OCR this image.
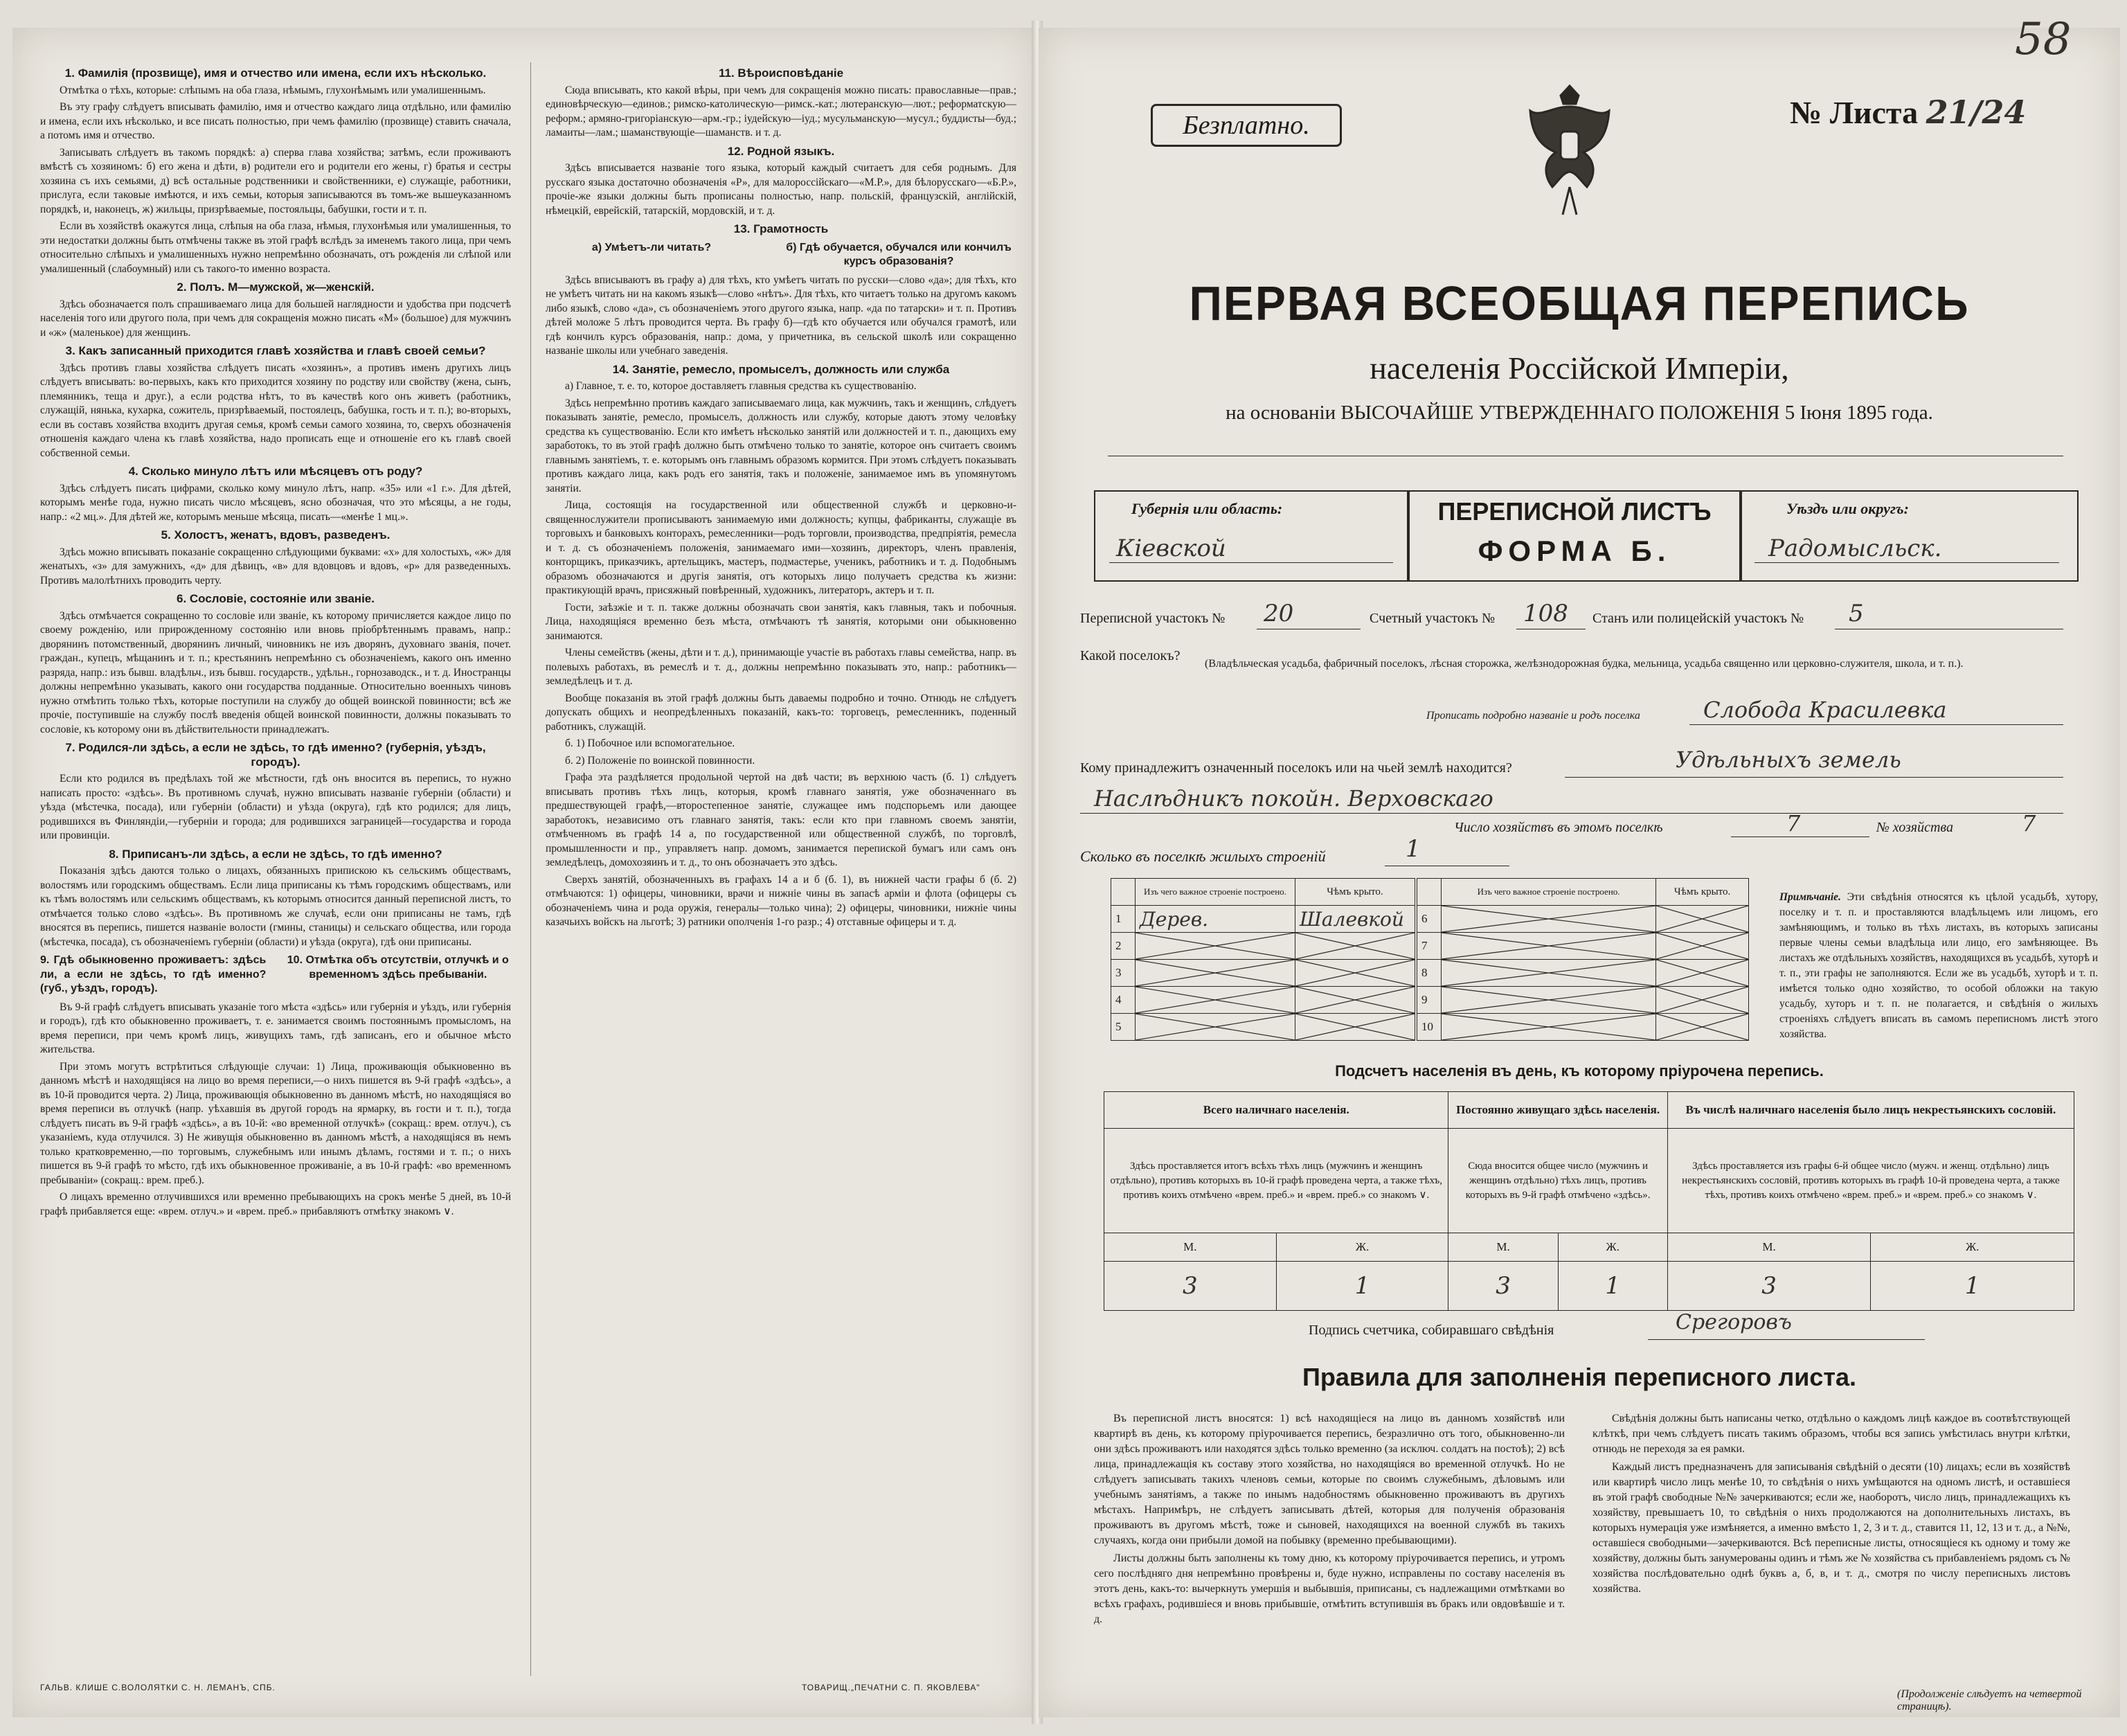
1. Фамилія (прозвище), имя и отчество или имена, если ихъ нѣсколько.

Отмѣтка о тѣхъ, которые: слѣпымъ на оба глаза, нѣмымъ, глухонѣмымъ или умалишеннымъ.

Въ эту графу слѣдуетъ вписывать фамилію, имя и отчество каждаго лица отдѣльно, или фамилію и имена, если ихъ нѣсколько, и все писать полностью, при чемъ фамилію (прозвище) ставить сначала, а потомъ имя и отчество.

Записывать слѣдуетъ въ такомъ порядкѣ: а) сперва глава хозяйства; затѣмъ, если проживаютъ вмѣстѣ съ хозяиномъ: б) его жена и дѣти, в) родители его и родители его жены, г) братья и сестры хозяина съ ихъ семьями, д) всѣ остальные родственники и свойственники, е) служащіе, работники, прислуга, если таковые имѣются, и ихъ семьи, которыя записываются въ томъ-же вышеуказанномъ порядкѣ, и, наконецъ, ж) жильцы, призрѣваемые, постояльцы, бабушки, гости и т. п.

Если въ хозяйствѣ окажутся лица, слѣпыя на оба глаза, нѣмыя, глухонѣмыя или умалишенныя, то эти недостатки должны быть отмѣчены также въ этой графѣ вслѣдъ за именемъ такого лица, при чемъ относительно слѣпыхъ и умалишенныхъ нужно непремѣнно обозначать, отъ рожденія ли слѣпой или умалишенный (слабоумный) или съ такого-то именно возраста.

2. Полъ. М—мужской, ж—женскій.

Здѣсь обозначается полъ спрашиваемаго лица для большей наглядности и удобства при подсчетѣ населенія того или другого пола, при чемъ для сокращенія можно писать «М» (большое) для мужчинъ и «ж» (маленькое) для женщинъ.

3. Какъ записанный приходится главѣ хозяйства и главѣ своей семьи?

Здѣсь противъ главы хозяйства слѣдуетъ писать «хозяинъ», а противъ именъ другихъ лицъ слѣдуетъ вписывать: во-первыхъ, какъ кто приходится хозяину по родству или свойству (жена, сынъ, племянникъ, теща и друг.), а если родства нѣтъ, то въ качествѣ кого онъ живетъ (работникъ, служащій, нянька, кухарка, сожитель, призрѣваемый, постоялецъ, бабушка, гость и т. п.); во-вторыхъ, если въ составъ хозяйства входитъ другая семья, кромѣ семьи самого хозяина, то, сверхъ обозначенія отношенія каждаго члена къ главѣ хозяйства, надо прописать еще и отношеніе его къ главѣ своей собственной семьи.

4. Сколько минуло лѣтъ или мѣсяцевъ отъ роду?

Здѣсь слѣдуетъ писать цифрами, сколько кому минуло лѣтъ, напр. «35» или «1 г.». Для дѣтей, которымъ менѣе года, нужно писать число мѣсяцевъ, ясно обозначая, что это мѣсяцы, а не годы, напр.: «2 мц.». Для дѣтей же, которымъ меньше мѣсяца, писать—«менѣе 1 мц.».

5. Холостъ, женатъ, вдовъ, разведенъ.

Здѣсь можно вписывать показаніе сокращенно слѣдующими буквами: «х» для холостыхъ, «ж» для женатыхъ, «з» для замужнихъ, «д» для дѣвицъ, «в» для вдовцовъ и вдовъ, «р» для разведенныхъ. Противъ малолѣтнихъ проводить черту.

6. Сословіе, состояніе или званіе.

Здѣсь отмѣчается сокращенно то сословіе или званіе, къ которому причисляется каждое лицо по своему рожденію, или прирожденному состоянію или вновь пріобрѣтеннымъ правамъ, напр.: дворянинъ потомственный, дворянинъ личный, чиновникъ не изъ дворянъ, духовнаго званія, почет. граждан., купецъ, мѣщанинъ и т. п.; крестьянинъ непремѣнно съ обозначеніемъ, какого онъ именно разряда, напр.: изъ бывш. владѣльч., изъ бывш. государств., удѣльн., горнозаводск., и т. д. Иностранцы должны непремѣнно указывать, какого они государства подданные. Относительно военныхъ чиновъ нужно отмѣтить только тѣхъ, которые поступили на службу до общей воинской повинности; всѣ же прочіе, поступившіе на службу послѣ введенія общей воинской повинности, должны показывать то сословіе, къ которому они въ дѣйствительности принадлежатъ.

7. Родился-ли здѣсь, а если не здѣсь, то гдѣ именно? (губернія, уѣздъ, городъ).

Если кто родился въ предѣлахъ той же мѣстности, гдѣ онъ вносится въ перепись, то нужно написать просто: «здѣсь». Въ противномъ случаѣ, нужно вписывать названіе губерніи (области) и уѣзда (мѣстечка, посада), или губерніи (области) и уѣзда (округа), гдѣ кто родился; для лицъ, родившихся въ Финляндіи,—губерніи и города; для родившихся заграницей—государства и города или провинціи.

8. Приписанъ-ли здѣсь, а если не здѣсь, то гдѣ именно?

Показанія здѣсь даются только о лицахъ, обязанныхъ припискою къ сельскимъ обществамъ, волостямъ или городскимъ обществамъ. Если лица приписаны къ тѣмъ городскимъ обществамъ, или къ тѣмъ волостямъ или сельскимъ обществамъ, къ которымъ относится данный переписной листъ, то отмѣчается только слово «здѣсь». Въ противномъ же случаѣ, если они приписаны не тамъ, гдѣ вносятся въ перепись, пишется названіе волости (гмины, станицы) и сельскаго общества, или города (мѣстечка, посада), съ обозначеніемъ губерніи (области) и уѣзда (округа), гдѣ они приписаны.

9. Гдѣ обыкновенно проживаетъ: здѣсь ли, а если не здѣсь, то гдѣ именно? (губ., уѣздъ, городъ).
10. Отмѣтка объ отсутствіи, отлучкѣ и о временномъ здѣсь пребываніи.

Въ 9-й графѣ слѣдуетъ вписывать указаніе того мѣста «здѣсь» или губернія и уѣздъ, или губернія и городъ), гдѣ кто обыкновенно проживаетъ, т. е. занимается своимъ постояннымъ промысломъ, на время переписи, при чемъ кромѣ лицъ, живущихъ тамъ, гдѣ записанъ, его и обычное мѣсто жительства.

При этомъ могутъ встрѣтиться слѣдующіе случаи: 1) Лица, проживающія обыкновенно въ данномъ мѣстѣ и находящіяся на лицо во время переписи,—о нихъ пишется въ 9-й графѣ «здѣсь», а въ 10-й проводится черта. 2) Лица, проживающія обыкновенно въ данномъ мѣстѣ, но находящіяся во время переписи въ отлучкѣ (напр. уѣхавшія въ другой городъ на ярмарку, въ гости и т. п.), тогда слѣдуетъ писать въ 9-й графѣ «здѣсь», а въ 10-й: «во временной отлучкѣ» (сокращ.: врем. отлуч.), съ указаніемъ, куда отлучился. 3) Не живущія обыкновенно въ данномъ мѣстѣ, а находящіяся въ немъ только кратковременно,—по торговымъ, служебнымъ или инымъ дѣламъ, гостями и т. п.; о нихъ пишется въ 9-й графѣ то мѣсто, гдѣ ихъ обыкновенное проживаніе, а въ 10-й графѣ: «во временномъ пребываніи» (сокращ.: врем. преб.).

О лицахъ временно отлучившихся или временно пребывающихъ на срокъ менѣе 5 дней, въ 10-й графѣ прибавляется еще: «врем. отлуч.» и «врем. преб.» прибавляютъ отмѣтку знакомъ ∨.

11. Вѣроисповѣданіе

Сюда вписывать, кто какой вѣры, при чемъ для сокращенія можно писать: православные—прав.; единовѣрческую—единов.; римско-католическую—римск.-кат.; лютеранскую—лют.; реформатскую—реформ.; армяно-григоріанскую—арм.-гр.; іудейскую—іуд.; мусульманскую—мусул.; буддисты—буд.; ламаиты—лам.; шаманствующіе—шаманств. и т. д.

12. Родной языкъ.

Здѣсь вписывается названіе того языка, который каждый считаетъ для себя роднымъ. Для русскаго языка достаточно обозначенія «Р», для малороссійскаго—«М.Р.», для бѣлорусскаго—«Б.Р.», прочіе-же языки должны быть прописаны полностью, напр. польскій, французскій, англійскій, нѣмецкій, еврейскій, татарскій, мордовскій, и т. д.

13. Грамотность
а) Умѣетъ-ли читать?	б) Гдѣ обучается, обучался или кончилъ курсъ образованія?

Здѣсь вписываютъ въ графу а) для тѣхъ, кто умѣетъ читать по русски—слово «да»; для тѣхъ, кто не умѣетъ читать ни на какомъ языкѣ—слово «нѣтъ». Для тѣхъ, кто читаетъ только на другомъ какомъ либо языкѣ, слово «да», съ обозначеніемъ этого другого языка, напр. «да по татарски» и т. п. Противъ дѣтей моложе 5 лѣтъ проводится черта. Въ графу б)—гдѣ кто обучается или обучался грамотѣ, или гдѣ кончилъ курсъ образованія, напр.: дома, у причетника, въ сельской школѣ или сокращенно названіе школы или учебнаго заведенія.

14. Занятіе, ремесло, промыселъ, должность или служба

а) Главное, т. е. то, которое доставляетъ главныя средства къ существованію.

Здѣсь непремѣнно противъ каждаго записываемаго лица, как мужчинъ, такъ и женщинъ, слѣдуетъ показывать занятіе, ремесло, промыселъ, должность или службу, которые даютъ этому человѣку средства къ существованію. Если кто имѣетъ нѣсколько занятій или должностей и т. п., дающихъ ему заработокъ, то въ этой графѣ должно быть отмѣчено только то занятіе, которое онъ считаетъ своимъ главнымъ занятіемъ, т. е. которымъ онъ главнымъ образомъ кормится. При этомъ слѣдуетъ показывать противъ каждаго лица, какъ родъ его занятія, такъ и положеніе, занимаемое имъ въ упомянутомъ занятіи.

Лица, состоящія на государственной или общественной службѣ и церковно-и-священнослужители прописываютъ занимаемую ими должность; купцы, фабриканты, служащіе въ торговыхъ и банковыхъ конторахъ, ремесленники—родъ торговли, производства, предпріятія, ремесла и т. д. съ обозначеніемъ положенія, занимаемаго ими—хозяинъ, директоръ, членъ правленія, конторщикъ, приказчикъ, артельщикъ, мастеръ, подмастерье, ученикъ, работникъ и т. д. Подобнымъ образомъ обозначаются и другія занятія, отъ которыхъ лицо получаетъ средства къ жизни: практикующій врачъ, присяжный повѣренный, художникъ, литераторъ, актеръ и т. п.

Гости, заѣзжіе и т. п. также должны обозначать свои занятія, какъ главныя, такъ и побочныя. Лица, находящіяся временно безъ мѣста, отмѣчаютъ тѣ занятія, которыми они обыкновенно занимаются.

Члены семействъ (жены, дѣти и т. д.), принимающіе участіе въ работахъ главы семейства, напр. въ полевыхъ работахъ, въ ремеслѣ и т. д., должны непремѣнно показывать это, напр.: работникъ—земледѣлецъ и т. д.

Вообще показанія въ этой графѣ должны быть даваемы подробно и точно. Отнюдь не слѣдуетъ допускать общихъ и неопредѣленныхъ показаній, какъ-то: торговецъ, ремесленникъ, поденный работникъ, служащій.

б. 1) Побочное или вспомогательное.

б. 2) Положеніе по воинской повинности.

Графа эта раздѣляется продольной чертой на двѣ части; въ верхнюю часть (б. 1) слѣдуетъ вписывать противъ тѣхъ лицъ, которыя, кромѣ главнаго занятія, уже обозначеннаго въ предшествующей графѣ,—второстепенное занятіе, служащее имъ подспорьемъ или дающее заработокъ, независимо отъ главнаго занятія, такъ: если кто при главномъ своемъ занятіи, отмѣченномъ въ графѣ 14 а, по государственной или общественной службѣ, по торговлѣ, промышленности и пр., управляетъ напр. домомъ, занимается перепиской бумагъ или самъ онъ земледѣлецъ, домохозяинъ и т. д., то онъ обозначаетъ это здѣсь.

Сверхъ занятій, обозначенныхъ въ графахъ 14 а и б (б. 1), въ нижней части графы б (б. 2) отмѣчаются: 1) офицеры, чиновники, врачи и нижніе чины въ запасѣ арміи и флота (офицеры съ обозначеніемъ чина и рода оружія, генералы—только чина); 2) офицеры, чиновники, нижніе чины казачьихъ войскъ на льготѣ; 3) ратники ополченія 1-го разр.; 4) отставные офицеры и т. д.

ГАЛЬВ. КЛИШЕ С.ВОЛОЛЯТКИ С. Н. ЛЕМАНЪ, СПБ.	ТОВАРИЩ.„ПЕЧАТНИ С. П. ЯКОВЛЕВА"
58
Безплатно.	№ Листа 21/24
ПЕРВАЯ ВСЕОБЩАЯ ПЕРЕПИСЬ
населенія Россійской Имперіи,
на основаніи ВЫСОЧАЙШЕ УТВЕРЖДЕННАГО ПОЛОЖЕНІЯ 5 Іюня 1895 года.
Губернія или область:
Кіевской
ПЕРЕПИСНОЙ ЛИСТЪ
ФОРМА Б.
Уѣздъ или округъ:
Радомысльск.
Переписной участокъ № 20	Счетный участокъ № 108 Станъ или полицейскій участокъ № 5
Какой поселокъ?
(Владѣльческая усадьба, фабричный поселокъ, лѣсная сторожка, желѣзнодорожная будка, мельница, усадьба священно или церковно-служителя, школа, и т. п.).
Прописать подробно названіе и родъ поселка	Слобода Красилевка
Кому принадлежитъ означенный поселокъ или на чьей землѣ находится?	Удѣльныхъ земель
Наслѣдникъ покойн. Верховскаго
Число хозяйствъ въ этомъ поселкѣ	7	№ хозяйства	7
Сколько въ поселкѣ жилыхъ строеній	1
	Изъ чего важное строеніе построено.	Чѣмъ крыто.
1	Дерев.	Шалевкой
2	

3	

4	

5	

	Изъ чего важное строеніе построено.	Чѣмъ крыто.
6	

7	

8	

9	

10	

Примѣчаніе. Эти свѣдѣнія относятся къ цѣлой усадьбѣ, хутору, поселку и т. п. и проставляются владѣльцемъ или лицомъ, его замѣняющимъ, и только въ тѣхъ листахъ, въ которыхъ записаны первые члены семьи владѣльца или лицо, его замѣняющее. Въ листахъ же отдѣльныхъ хозяйствъ, находящихся въ усадьбѣ, хуторѣ и т. п., эти графы не заполняются. Если же въ усадьбѣ, хуторѣ и т. п. имѣется только одно хозяйство, то особой обложки на такую усадьбу, хуторъ и т. п. не полагается, и свѣдѣнія о жилыхъ строеніяхъ слѣдуетъ вписать въ самомъ переписномъ листѣ этого хозяйства.
Подсчетъ населенія въ день, къ которому пріурочена перепись.
Всего наличнаго населенія.		Постоянно живущаго здѣсь населенія.		Въ числѣ наличнаго населенія было лицъ некрестьянскихъ сословій.	
Здѣсь проставляется итогъ всѣхъ тѣхъ лицъ (мужчинъ и женщинъ отдѣльно), противъ которыхъ въ 10-й графѣ проведена черта, а также тѣхъ, противъ коихъ отмѣчено «врем. преб.» и «врем. преб.» со знакомъ ∨.		Сюда вносится общее число (мужчинъ и женщинъ отдѣльно) тѣхъ лицъ, противъ которыхъ въ 9-й графѣ отмѣчено «здѣсь».		Здѣсь проставляется изъ графы 6-й общее число (мужч. и женщ. отдѣльно) лицъ некрестьянскихъ сословій, противъ которыхъ въ графѣ 10-й проведена черта, а также тѣхъ, противъ коихъ отмѣчено «врем. преб.» и «врем. преб.» со знакомъ ∨.	
М.	Ж.	М.	Ж.	М.	Ж.
3	1	3	1	3	1
Подпись счетчика, собиравшаго свѣдѣнія	Срегоровъ
Правила для заполненія переписного листа.

Въ переписной листъ вносятся: 1) всѣ находящіеся на лицо въ данномъ хозяйствѣ или квартирѣ въ день, къ которому пріурочивается перепись, безразлично отъ того, обыкновенно-ли они здѣсь проживаютъ или находятся здѣсь только временно (за исключ. солдатъ на постоѣ); 2) всѣ лица, принадлежащія къ составу этого хозяйства, но находящіяся во временной отлучкѣ. Но не слѣдуетъ записывать такихъ членовъ семьи, которые по своимъ служебнымъ, дѣловымъ или учебнымъ занятіямъ, а также по инымъ надобностямъ обыкновенно проживаютъ въ другихъ мѣстахъ. Напримѣръ, не слѣдуетъ записывать дѣтей, которыя для полученія образованія проживаютъ въ другомъ мѣстѣ, тоже и сыновей, находящихся на военной службѣ въ такихъ случаяхъ, когда они прибыли домой на побывку (временно пребывающими).

Листы должны быть заполнены къ тому дню, къ которому пріурочивается перепись, и утромъ сего послѣдняго дня непремѣнно провѣрены и, буде нужно, исправлены по составу населенія въ этотъ день, какъ-то: вычеркнуть умершія и выбывшія, приписаны, съ надлежащими отмѣтками во всѣхъ графахъ, родившіеся и вновь прибывшіе, отмѣтить вступившія въ бракъ или овдовѣвшіе и т. д.

Свѣдѣнія должны быть написаны четко, отдѣльно о каждомъ лицѣ каждое въ соотвѣтствующей клѣткѣ, при чемъ слѣдуетъ писать такимъ образомъ, чтобы вся запись умѣстилась внутри клѣтки, отнюдь не переходя за ея рамки.

Каждый листъ предназначенъ для записыванія свѣдѣній о десяти (10) лицахъ; если въ хозяйствѣ или квартирѣ число лицъ менѣе 10, то свѣдѣнія о нихъ умѣщаются на одномъ листѣ, и оставшіеся въ этой графѣ свободные №№ зачеркиваются; если же, наоборотъ, число лицъ, принадлежащихъ къ хозяйству, превышаетъ 10, то свѣдѣнія о нихъ продолжаются на дополнительныхъ листахъ, въ которыхъ нумерація уже измѣняется, а именно вмѣсто 1, 2, 3 и т. д., ставится 11, 12, 13 и т. д., а №№, оставшіеся свободными—зачеркиваются. Всѣ переписные листы, относящіеся къ одному и тому же хозяйству, должны быть занумерованы одинъ и тѣмъ же № хозяйства съ прибавленіемъ рядомъ съ № хозяйства послѣдовательно однѣ буквъ а, б, в, и т. д., смотря по числу переписныхъ листовъ хозяйства.

(Продолженіе слѣдуетъ на четвертой страницѣ).
